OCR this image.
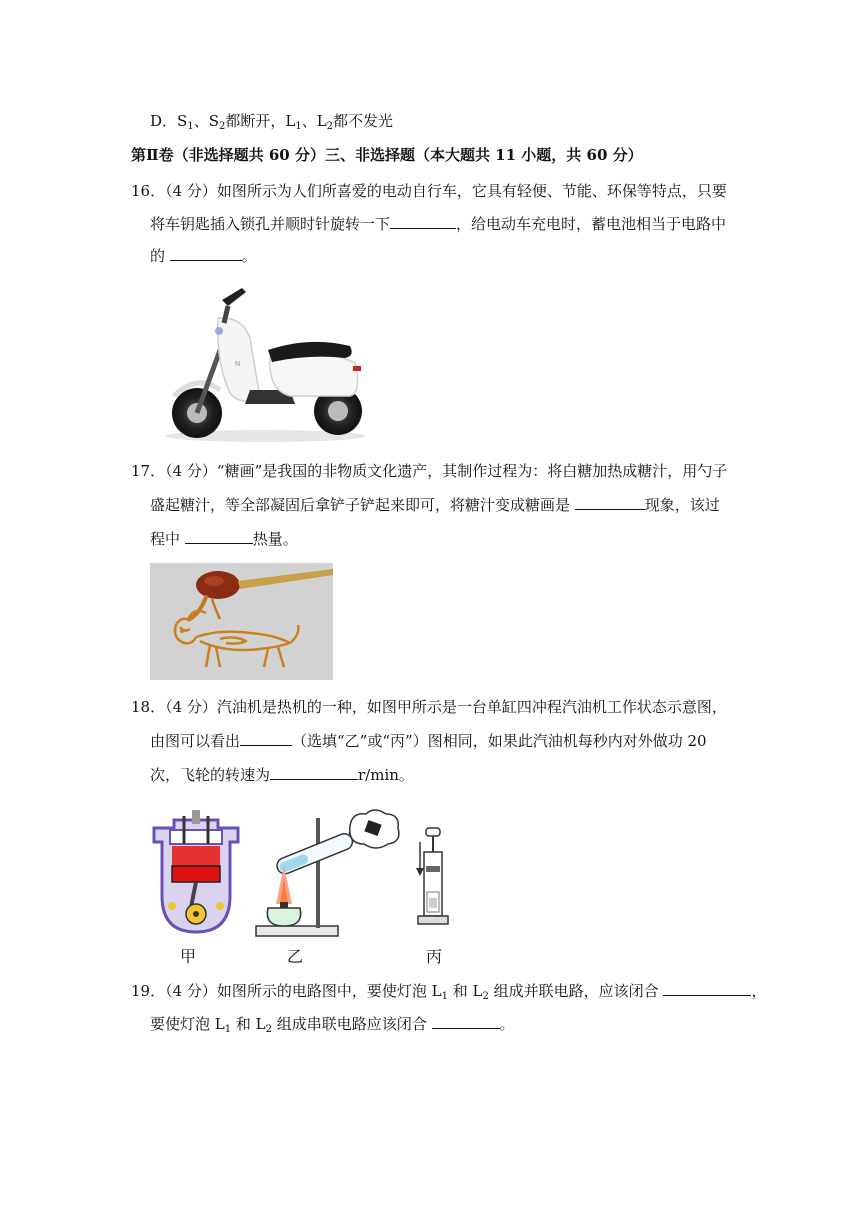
D．$S_1$、$S_2$都断开，$L_1$、$L_2$都不发光
第Ⅱ卷（非选择题共 60 分）三、非选择题（本大题共 11 小题，共 60 分）
16．（4 分）如图所示为人们所喜爱的电动自行车，它具有轻便、节能、环保等特点，只要
将车钥匙插入锁孔并顺时针旋转一下	，给电动车充电时，蓄电池相当于电路中
的	。
N
17．（4 分）“糖画”是我国的非物质文化遗产，其制作过程为：将白糖加热成糖汁，用勺子
盛起糖汁，等全部凝固后拿铲子铲起来即可，将糖汁变成糖画是	现象，该过
程中	热量。
18．（4 分）汽油机是热机的一种，如图甲所示是一台单缸四冲程汽油机工作状态示意图，
由图可以看出	（选填“乙”或“丙”）图相同，如果此汽油机每秒内对外做功 20
次，飞轮的转速为	r/min。
甲	乙	丙
19．（4 分）如图所示的电路图中，要使灯泡 $L_1$ 和 $L_2$ 组成并联电路，应该闭合	，
要使灯泡 $L_1$ 和 $L_2$ 组成串联电路应该闭合	。
